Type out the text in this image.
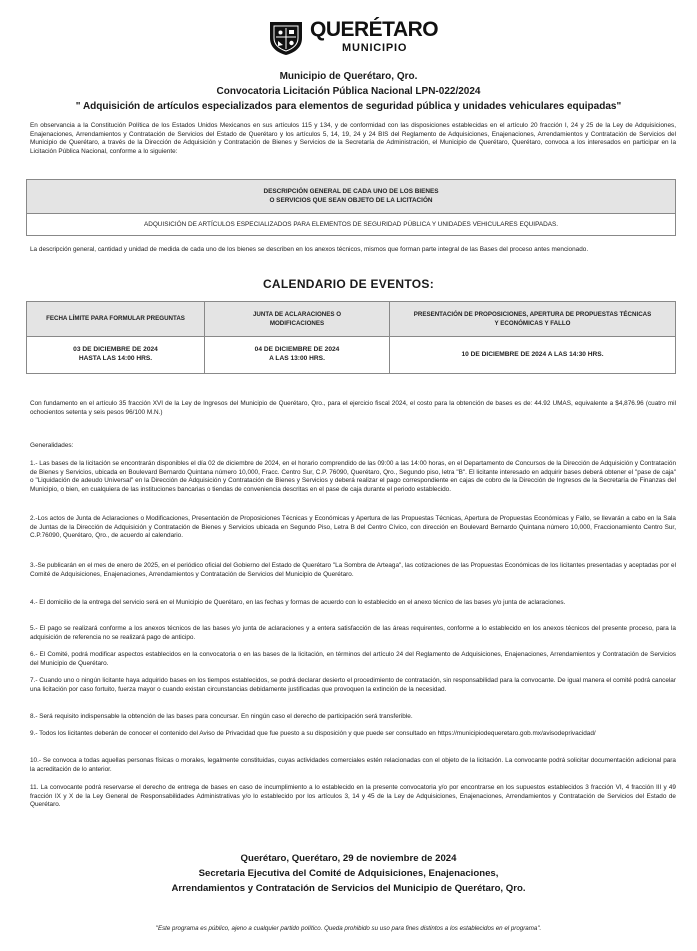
QUERÉTARO
MUNICIPIO
Municipio de Querétaro, Qro.
Convocatoria Licitación Pública Nacional LPN-022/2024
" Adquisición de artículos especializados para elementos de seguridad pública y unidades vehiculares equipadas"
En observancia a la Constitución Política de los Estados Unidos Mexicanos en sus artículos 115 y 134, y de conformidad con las disposiciones establecidas en el artículo 20 fracción I, 24 y 25 de la Ley de Adquisiciones, Enajenaciones, Arrendamientos y Contratación de Servicios del Estado de Querétaro y los artículos 5, 14, 19, 24 y 24 BIS del Reglamento de Adquisiciones, Enajenaciones, Arrendamientos y Contratación de Servicios del Municipio de Querétaro, a través de la Dirección de Adquisición y Contratación de Bienes y Servicios de la Secretaría de Administración, el Municipio de Querétaro, Querétaro, convoca a los interesados en participar en la Licitación Pública Nacional, conforme a lo siguiente:
DESCRIPCIÓN GENERAL DE CADA UNO DE LOS BIENES
O SERVICIOS QUE SEAN OBJETO DE LA LICITACIÓN
ADQUISICIÓN DE ARTÍCULOS ESPECIALIZADOS PARA ELEMENTOS DE SEGURIDAD PÚBLICA Y UNIDADES VEHICULARES EQUIPADAS.
La descripción general, cantidad y unidad de medida de cada uno de los bienes se describen en los anexos técnicos, mismos que forman parte integral de las Bases del proceso antes mencionado.
CALENDARIO DE EVENTOS:
FECHA LÍMITE PARA FORMULAR PREGUNTAS
JUNTA DE ACLARACIONES O
MODIFICACIONES
PRESENTACIÓN DE PROPOSICIONES, APERTURA DE PROPUESTAS TÉCNICAS
Y ECONÓMICAS Y FALLO
03 DE DICIEMBRE DE 2024
HASTA LAS 14:00 HRS.
04 DE DICIEMBRE DE 2024
A LAS 13:00 HRS.
10 DE DICIEMBRE DE 2024 A LAS 14:30 HRS.
Con fundamento en el artículo 35 fracción XVI de la Ley de Ingresos del Municipio de Querétaro, Qro., para el ejercicio fiscal 2024, el costo para la obtención de bases es de: 44.92 UMAS, equivalente a $4,876.96 (cuatro mil ochocientos setenta y seis pesos 96/100 M.N.)
Generalidades:
1.- Las bases de la licitación se encontrarán disponibles el día 02 de diciembre de 2024, en el horario comprendido de las 09:00 a las 14:00 horas, en el Departamento de Concursos de la Dirección de Adquisición y Contratación de Bienes y Servicios, ubicada en Boulevard Bernardo Quintana número 10,000, Fracc. Centro Sur, C.P. 76090, Querétaro, Qro., Segundo piso, letra "B". El licitante interesado en adquirir bases deberá obtener el "pase de caja" o "Liquidación de adeudo Universal" en la Dirección de Adquisición y Contratación de Bienes y Servicios y deberá realizar el pago correspondiente en cajas de cobro de la Dirección de Ingresos de la Secretaría de Finanzas del Municipio, o bien, en cualquiera de las instituciones bancarias o tiendas de conveniencia descritas en el pase de caja durante el periodo establecido.
2.-Los actos de Junta de Aclaraciones o Modificaciones, Presentación de Proposiciones Técnicas y Económicas y Apertura de las Propuestas Técnicas, Apertura de Propuestas Económicas y Fallo, se llevarán a cabo en la Sala de Juntas de la Dirección de Adquisición y Contratación de Bienes y Servicios ubicada en Segundo Piso, Letra B del Centro Cívico, con dirección en Boulevard Bernardo Quintana número 10,000, Fraccionamiento Centro Sur, C.P.76090, Querétaro, Qro., de acuerdo al calendario.
3.-Se publicarán en el mes de enero de 2025, en el periódico oficial del Gobierno del Estado de Querétaro "La Sombra de Arteaga", las cotizaciones de las Propuestas Económicas de los licitantes presentadas y aceptadas por el Comité de Adquisiciones, Enajenaciones, Arrendamientos y Contratación de Servicios del Municipio de Querétaro.
4.- El domicilio de la entrega del servicio será en el Municipio de Querétaro, en las fechas y formas de acuerdo con lo establecido en el anexo técnico de las bases y/o junta de aclaraciones.
5.- El pago se realizará conforme a los anexos técnicos de las bases y/o junta de aclaraciones y a entera satisfacción de las áreas requirentes, conforme a lo establecido en los anexos técnicos del presente proceso, para la adquisición de referencia no se realizará pago de anticipo.
6.- El Comité, podrá modificar aspectos establecidos en la convocatoria o en las bases de la licitación, en términos del artículo 24 del Reglamento de Adquisiciones, Enajenaciones, Arrendamientos y Contratación de Servicios del Municipio de Querétaro.
7.- Cuando uno o ningún licitante haya adquirido bases en los tiempos establecidos, se podrá declarar desierto el procedimiento de contratación, sin responsabilidad para la convocante. De igual manera el comité podrá cancelar una licitación por caso fortuito, fuerza mayor o cuando existan circunstancias debidamente justificadas que provoquen la extinción de la necesidad.
8.- Será requisito indispensable la obtención de las bases para concursar. En ningún caso el derecho de participación será transferible.
9.- Todos los licitantes deberán de conocer el contenido del Aviso de Privacidad que fue puesto a su disposición y que puede ser consultado en https://municipiodequeretaro.gob.mx/avisodeprivacidad/
10.- Se convoca a todas aquellas personas físicas o morales, legalmente constituidas, cuyas actividades comerciales estén relacionadas con el objeto de la licitación. La convocante podrá solicitar documentación adicional para la acreditación de lo anterior.
11. La convocante podrá reservarse el derecho de entrega de bases en caso de incumplimiento a lo establecido en la presente convocatoria y/o por encontrarse en los supuestos establecidos 3 fracción VI, 4 fracción III y 49 fracción IX y X de la Ley General de Responsabilidades Administrativas y/o lo establecido por los artículos 3, 14 y 45 de la Ley de Adquisiciones, Enajenaciones, Arrendamientos y Contratación de Servicios del Estado de Querétaro.
Querétaro, Querétaro, 29 de noviembre de 2024
Secretaria Ejecutiva del Comité de Adquisiciones, Enajenaciones,
Arrendamientos y Contratación de Servicios del Municipio de Querétaro, Qro.
"Este programa es público, ajeno a cualquier partido político. Queda prohibido su uso para fines distintos a los establecidos en el programa".
